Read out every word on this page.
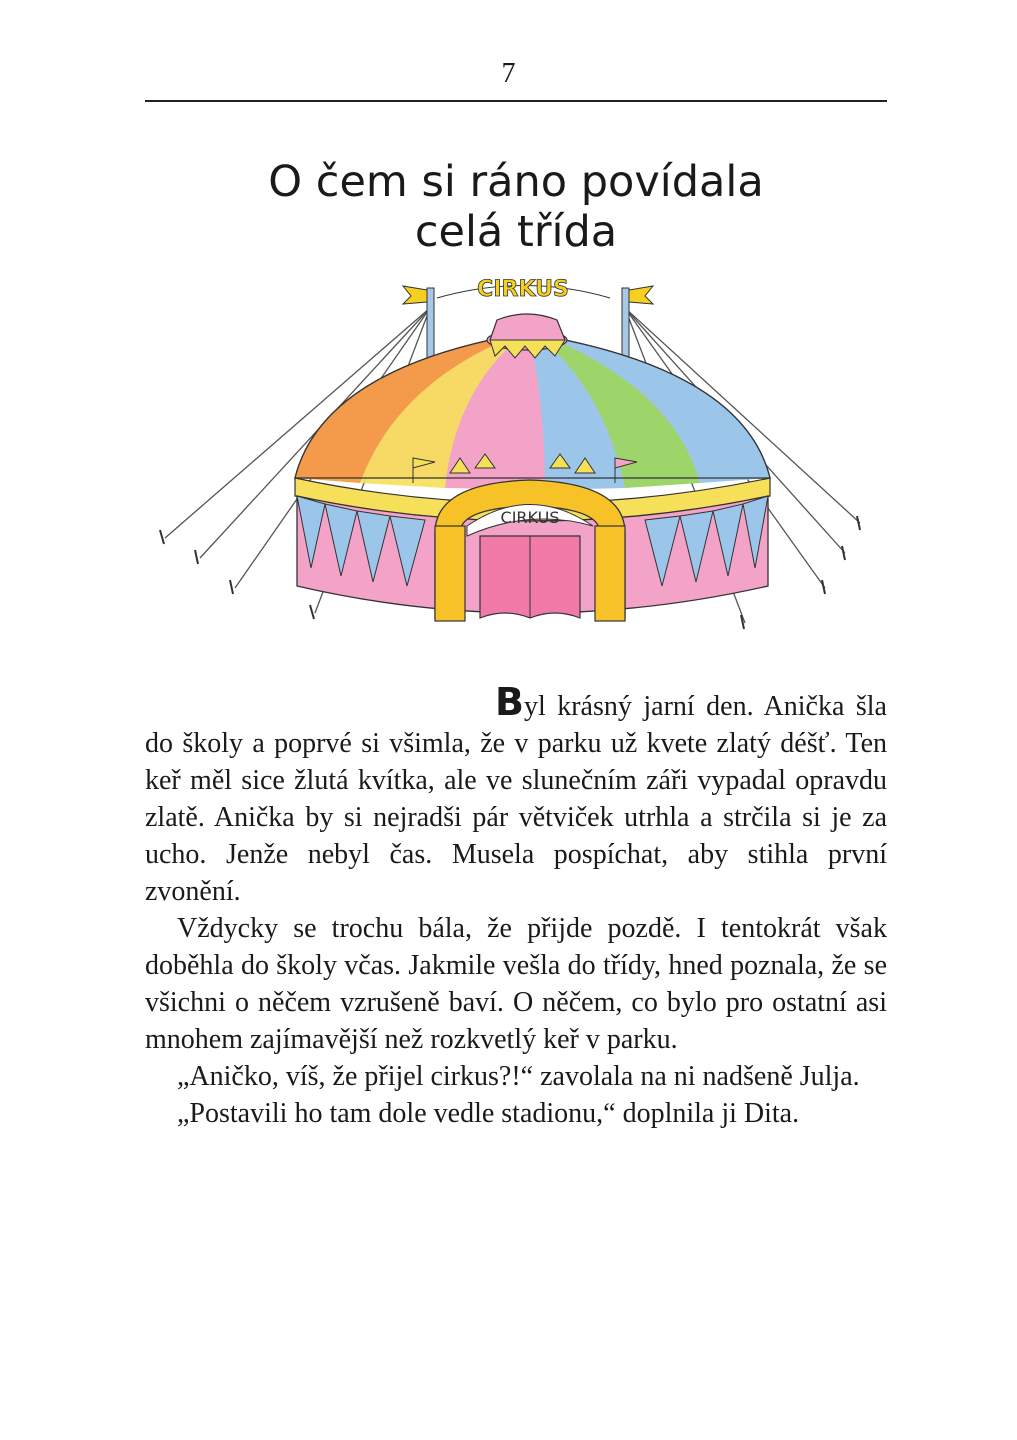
7
O čem si ráno povídala
celá třída
CIRKUS
CIRKUS

Byl krásný jarní den. Anička šla do školy a poprvé si všimla, že v parku už kvete zlatý déšť. Ten keř měl sice žlutá kvítka, ale ve slunečním záři vypadal opravdu zlatě. Anička by si nejradši pár větviček utrhla a strčila si je za ucho. Jenže nebyl čas. Musela pospíchat, aby stihla první zvonění.

Vždycky se trochu bála, že přijde pozdě. I tentokrát však doběhla do školy včas. Jakmile vešla do třídy, hned poznala, že se všichni o něčem vzrušeně baví. O něčem, co bylo pro ostatní asi mnohem zajímavější než rozkvetlý keř v parku.

„Aničko, víš, že přijel cirkus?!“ zavolala na ni nadšeně Julja.

„Postavili ho tam dole vedle stadionu,“ doplnila ji Dita.
